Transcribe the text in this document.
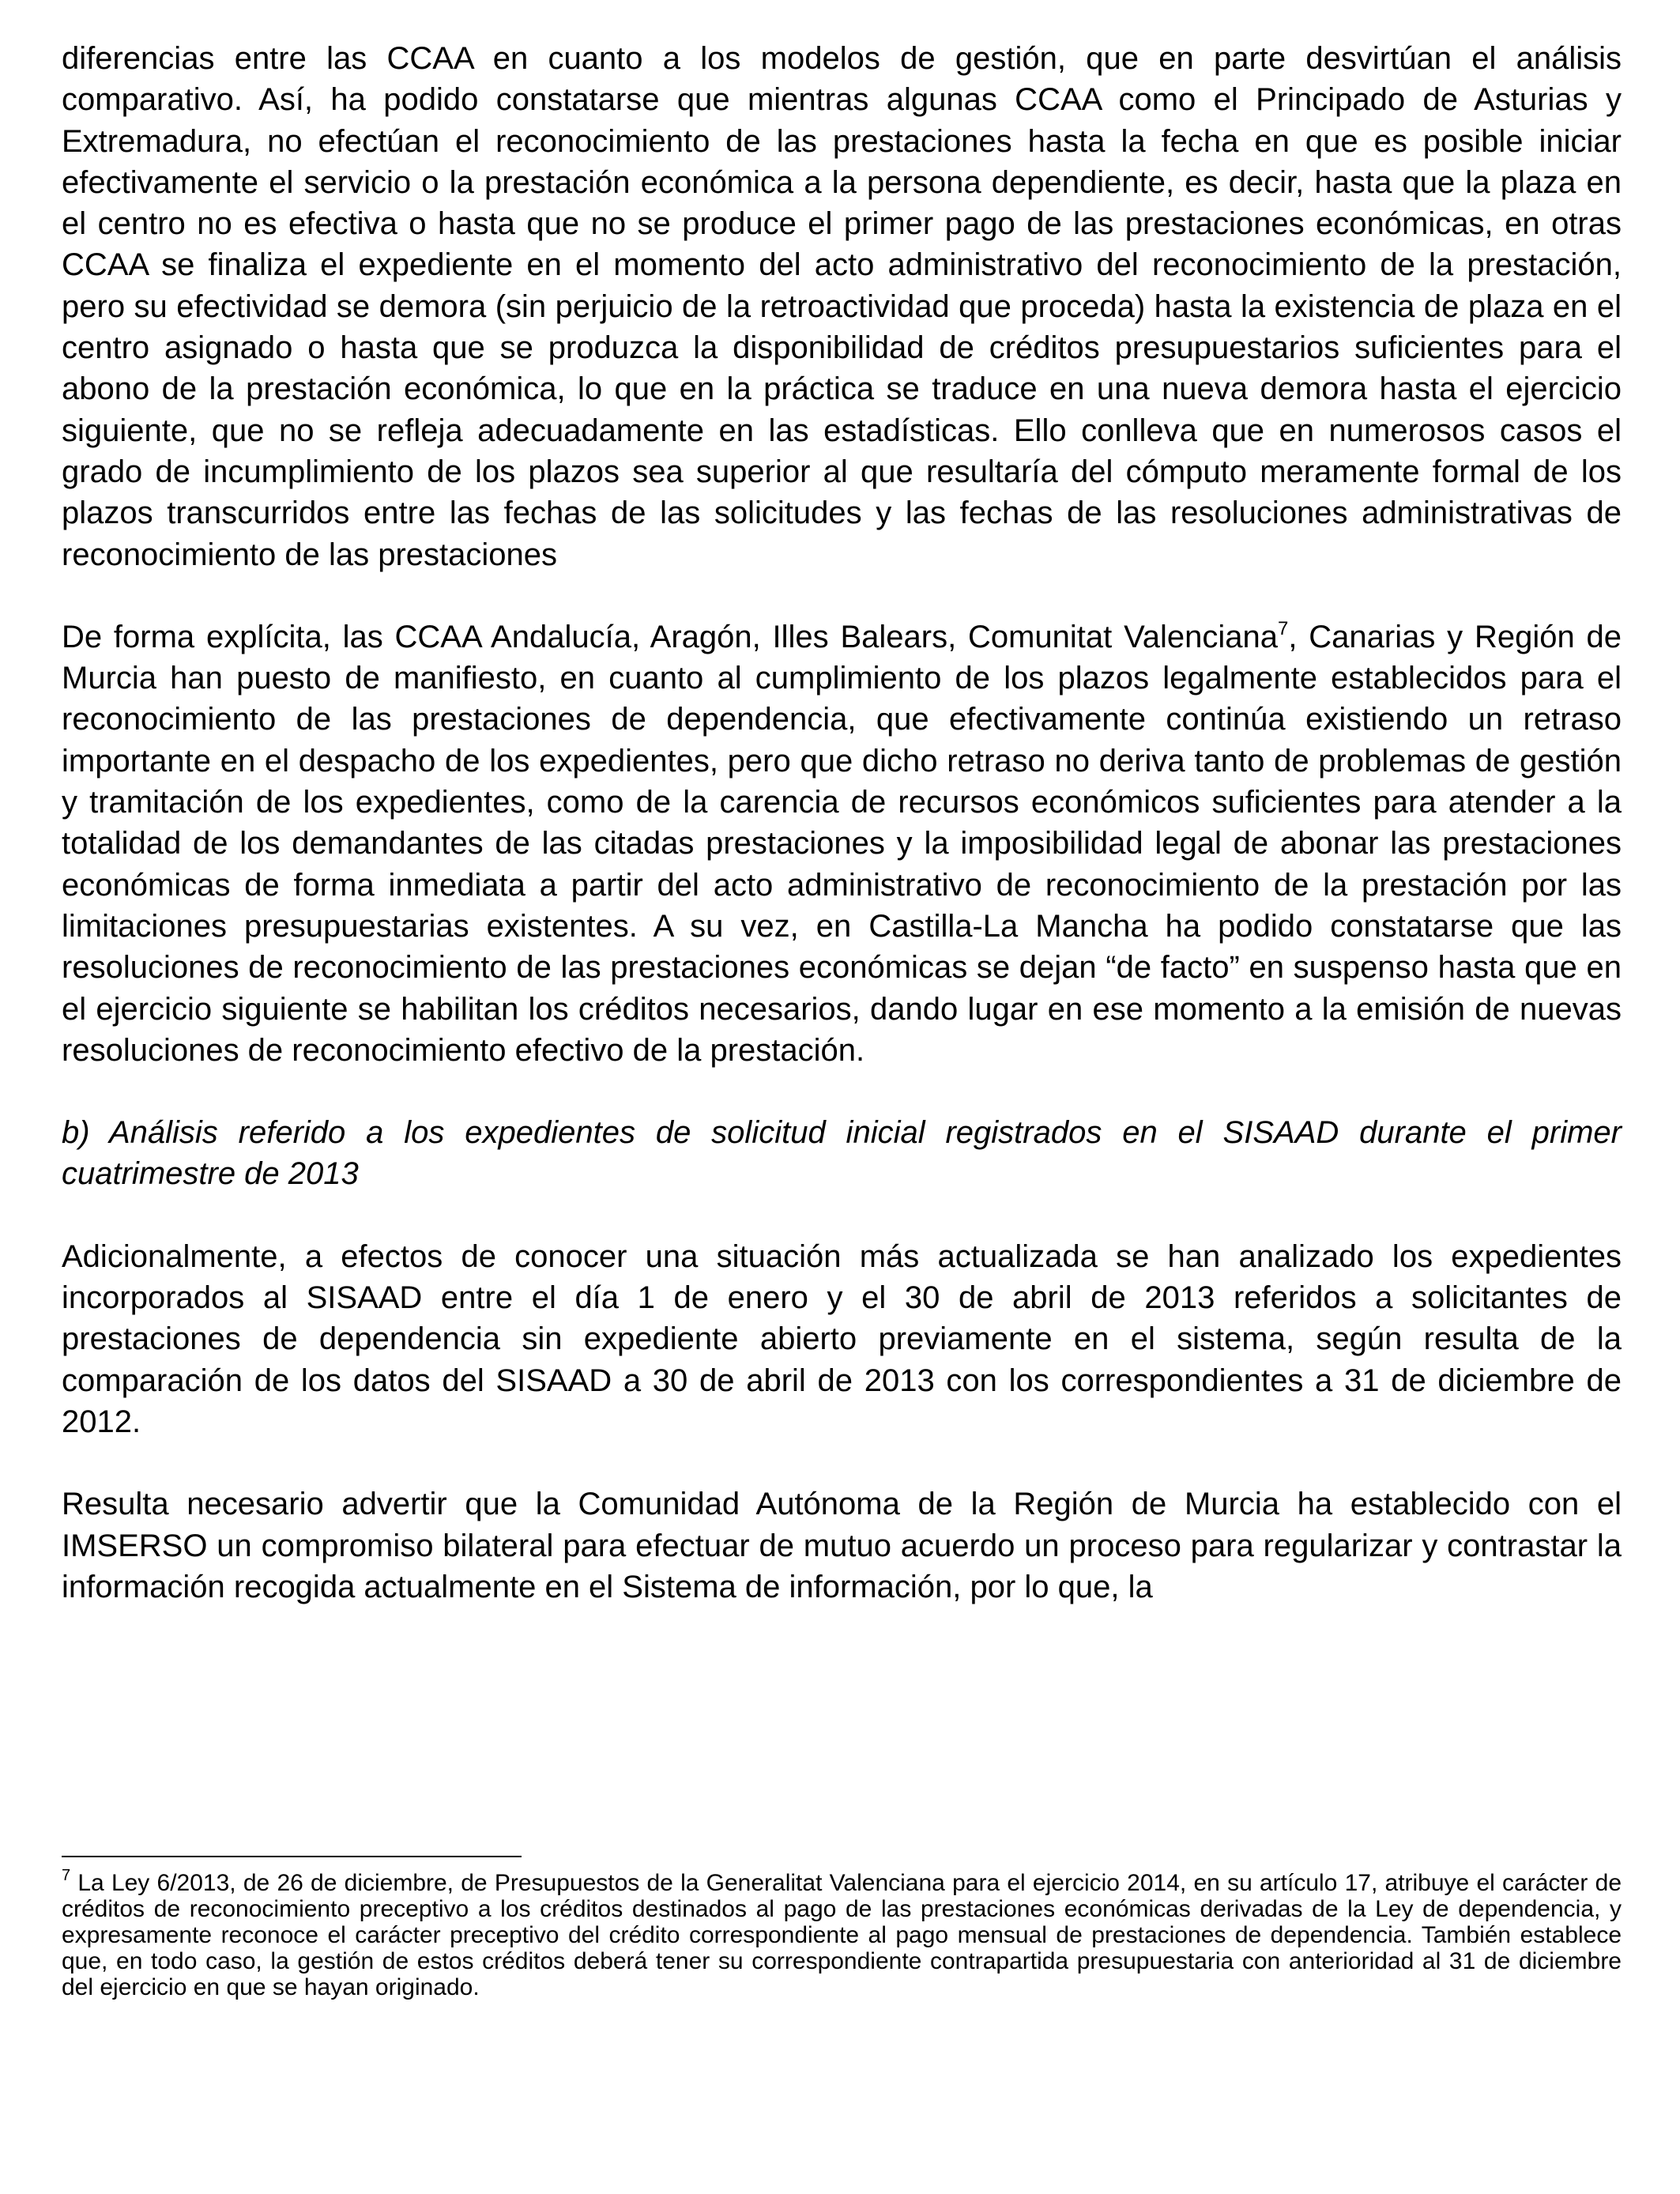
diferencias entre las CCAA en cuanto a los modelos de gestión, que en parte desvirtúan el análisis comparativo. Así, ha podido constatarse que mientras algunas CCAA como el Principado de Asturias y Extremadura, no efectúan el reconocimiento de las prestaciones hasta la fecha en que es posible iniciar efectivamente el servicio o la prestación económica a la persona dependiente, es decir, hasta que la plaza en el centro no es efectiva o hasta que no se produce el primer pago de las prestaciones económicas, en otras CCAA se finaliza el expediente en el momento del acto administrativo del reconocimiento de la prestación, pero su efectividad se demora (sin perjuicio de la retroactividad que proceda) hasta la existencia de plaza en el centro asignado o hasta que se produzca la disponibilidad de créditos presupuestarios suficientes para el abono de la prestación económica, lo que en la práctica se traduce en una nueva demora hasta el ejercicio siguiente, que no se refleja adecuadamente en las estadísticas. Ello conlleva que en numerosos casos el grado de incumplimiento de los plazos sea superior al que resultaría del cómputo meramente formal de los plazos transcurridos entre las fechas de las solicitudes y las fechas de las resoluciones administrativas de reconocimiento de las prestaciones

De forma explícita, las CCAA Andalucía, Aragón, Illes Balears, Comunitat Valenciana$^7$, Canarias y Región de Murcia han puesto de manifiesto, en cuanto al cumplimiento de los plazos legalmente establecidos para el reconocimiento de las prestaciones de dependencia, que efectivamente continúa existiendo un retraso importante en el despacho de los expedientes, pero que dicho retraso no deriva tanto de problemas de gestión y tramitación de los expedientes, como de la carencia de recursos económicos suficientes para atender a la totalidad de los demandantes de las citadas prestaciones y la imposibilidad legal de abonar las prestaciones económicas de forma inmediata a partir del acto administrativo de reconocimiento de la prestación por las limitaciones presupuestarias existentes. A su vez, en Castilla-La Mancha ha podido constatarse que las resoluciones de reconocimiento de las prestaciones económicas se dejan “de facto” en suspenso hasta que en el ejercicio siguiente se habilitan los créditos necesarios, dando lugar en ese momento a la emisión de nuevas resoluciones de reconocimiento efectivo de la prestación.

b) Análisis referido a los expedientes de solicitud inicial registrados en el SISAAD durante el primer cuatrimestre de 2013

Adicionalmente, a efectos de conocer una situación más actualizada se han analizado los expedientes incorporados al SISAAD entre el día 1 de enero y el 30 de abril de 2013 referidos a solicitantes de prestaciones de dependencia sin expediente abierto previamente en el sistema, según resulta de la comparación de los datos del SISAAD a 30 de abril de 2013 con los correspondientes a 31 de diciembre de 2012.

Resulta necesario advertir que la Comunidad Autónoma de la Región de Murcia ha establecido con el IMSERSO un compromiso bilateral para efectuar de mutuo acuerdo un proceso para regularizar y contrastar la información recogida actualmente en el Sistema de información, por lo que, la

$^7$ La Ley 6/2013, de 26 de diciembre, de Presupuestos de la Generalitat Valenciana para el ejercicio 2014, en su artículo 17, atribuye el carácter de créditos de reconocimiento preceptivo a los créditos destinados al pago de las prestaciones económicas derivadas de la Ley de dependencia, y expresamente reconoce el carácter preceptivo del crédito correspondiente al pago mensual de prestaciones de dependencia. También establece que, en todo caso, la gestión de estos créditos deberá tener su correspondiente contrapartida presupuestaria con anterioridad al 31 de diciembre del ejercicio en que se hayan originado.
